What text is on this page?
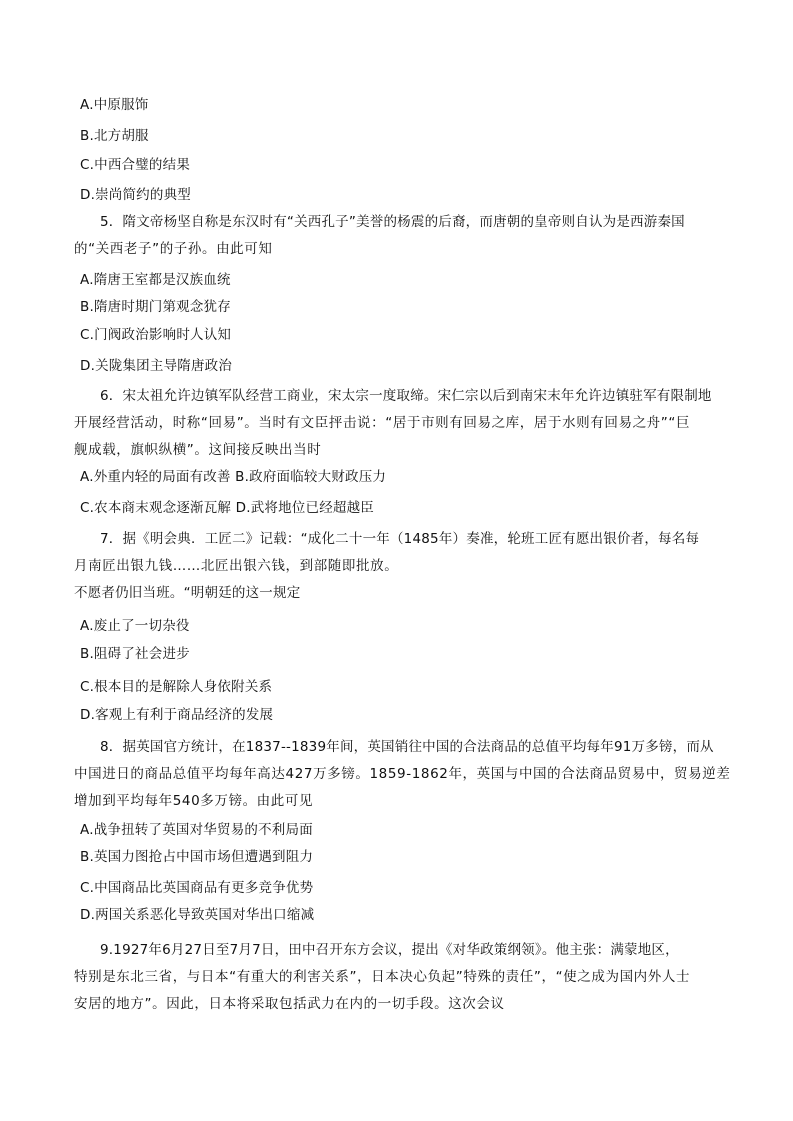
A.中原服饰
B.北方胡服
C.中西合璧的结果
D.崇尚简约的典型
5．隋文帝杨坚自称是东汉时有“关西孔子”美誉的杨震的后裔，而唐朝的皇帝则自认为是西游秦国
的“关西老子”的子孙。由此可知
A.隋唐王室都是汉族血统
B.隋唐时期门第观念犹存
C.门阀政治影响时人认知
D.关陇集团主导隋唐政治
6．宋太祖允许边镇军队经营工商业，宋太宗一度取缔。宋仁宗以后到南宋末年允许边镇驻军有限制地
开展经营活动，时称“回易”。当时有文臣抨击说：“居于市则有回易之库，居于水则有回易之舟”“巨
舰成载，旗帜纵横”。这间接反映出当时
A.外重内轻的局面有改善 B.政府面临较大财政压力
C.农本商末观念逐渐瓦解 D.武将地位已经超越臣
7．据《明会典．工匠二》记载：“成化二十一年（1485年）奏准，轮班工匠有愿出银价者，每名每
月南匠出银九钱……北匠出银六钱，到部随即批放。
不愿者仍旧当班。“明朝廷的这一规定
A.废止了一切杂役
B.阻碍了社会进步
C.根本目的是解除人身依附关系
D.客观上有利于商品经济的发展
8．据英国官方统计，在1837--1839年间，英国销往中国的合法商品的总值平均每年91万多镑，而从
中国进日的商品总值平均每年高达427万多镑。1859-1862年，英国与中国的合法商品贸易中，贸易逆差
增加到平均每年540多万镑。由此可见
A.战争扭转了英国对华贸易的不利局面
B.英国力图抢占中国市场但遭遇到阻力
C.中国商品比英国商品有更多竞争优势
D.两国关系恶化导致英国对华出口缩减
9.1927年6月27日至7月7日，田中召开东方会议，提出《对华政策纲领》。他主张：满蒙地区，
特别是东北三省，与日本“有重大的利害关系”，日本决心负起”特殊的责任”，“使之成为国内外人士
安居的地方”。因此，日本将采取包括武力在内的一切手段。这次会议
